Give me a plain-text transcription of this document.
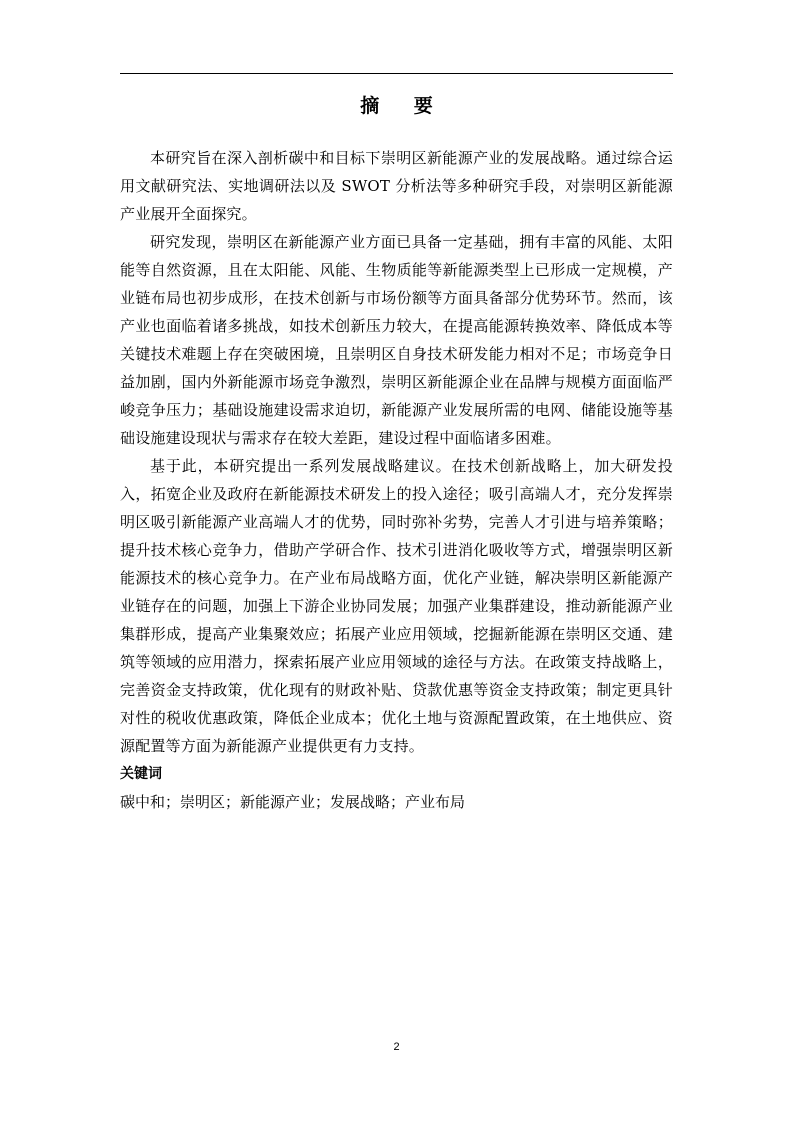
摘 要

本研究旨在深入剖析碳中和目标下崇明区新能源产业的发展战略。通过综合运用文献研究法、实地调研法以及 SWOT 分析法等多种研究手段，对崇明区新能源产业展开全面探究。

研究发现，崇明区在新能源产业方面已具备一定基础，拥有丰富的风能、太阳能等自然资源，且在太阳能、风能、生物质能等新能源类型上已形成一定规模，产业链布局也初步成形，在技术创新与市场份额等方面具备部分优势环节。然而，该产业也面临着诸多挑战，如技术创新压力较大，在提高能源转换效率、降低成本等关键技术难题上存在突破困境，且崇明区自身技术研发能力相对不足；市场竞争日益加剧，国内外新能源市场竞争激烈，崇明区新能源企业在品牌与规模方面面临严峻竞争压力；基础设施建设需求迫切，新能源产业发展所需的电网、储能设施等基础设施建设现状与需求存在较大差距，建设过程中面临诸多困难。

基于此，本研究提出一系列发展战略建议。在技术创新战略上，加大研发投入，拓宽企业及政府在新能源技术研发上的投入途径；吸引高端人才，充分发挥崇明区吸引新能源产业高端人才的优势，同时弥补劣势，完善人才引进与培养策略；提升技术核心竞争力，借助产学研合作、技术引进消化吸收等方式，增强崇明区新能源技术的核心竞争力。在产业布局战略方面，优化产业链，解决崇明区新能源产业链存在的问题，加强上下游企业协同发展；加强产业集群建设，推动新能源产业集群形成，提高产业集聚效应；拓展产业应用领域，挖掘新能源在崇明区交通、建筑等领域的应用潜力，探索拓展产业应用领域的途径与方法。在政策支持战略上，完善资金支持政策，优化现有的财政补贴、贷款优惠等资金支持政策；制定更具针对性的税收优惠政策，降低企业成本；优化土地与资源配置政策，在土地供应、资源配置等方面为新能源产业提供更有力支持。

关键词

碳中和；崇明区；新能源产业；发展战略；产业布局

2
